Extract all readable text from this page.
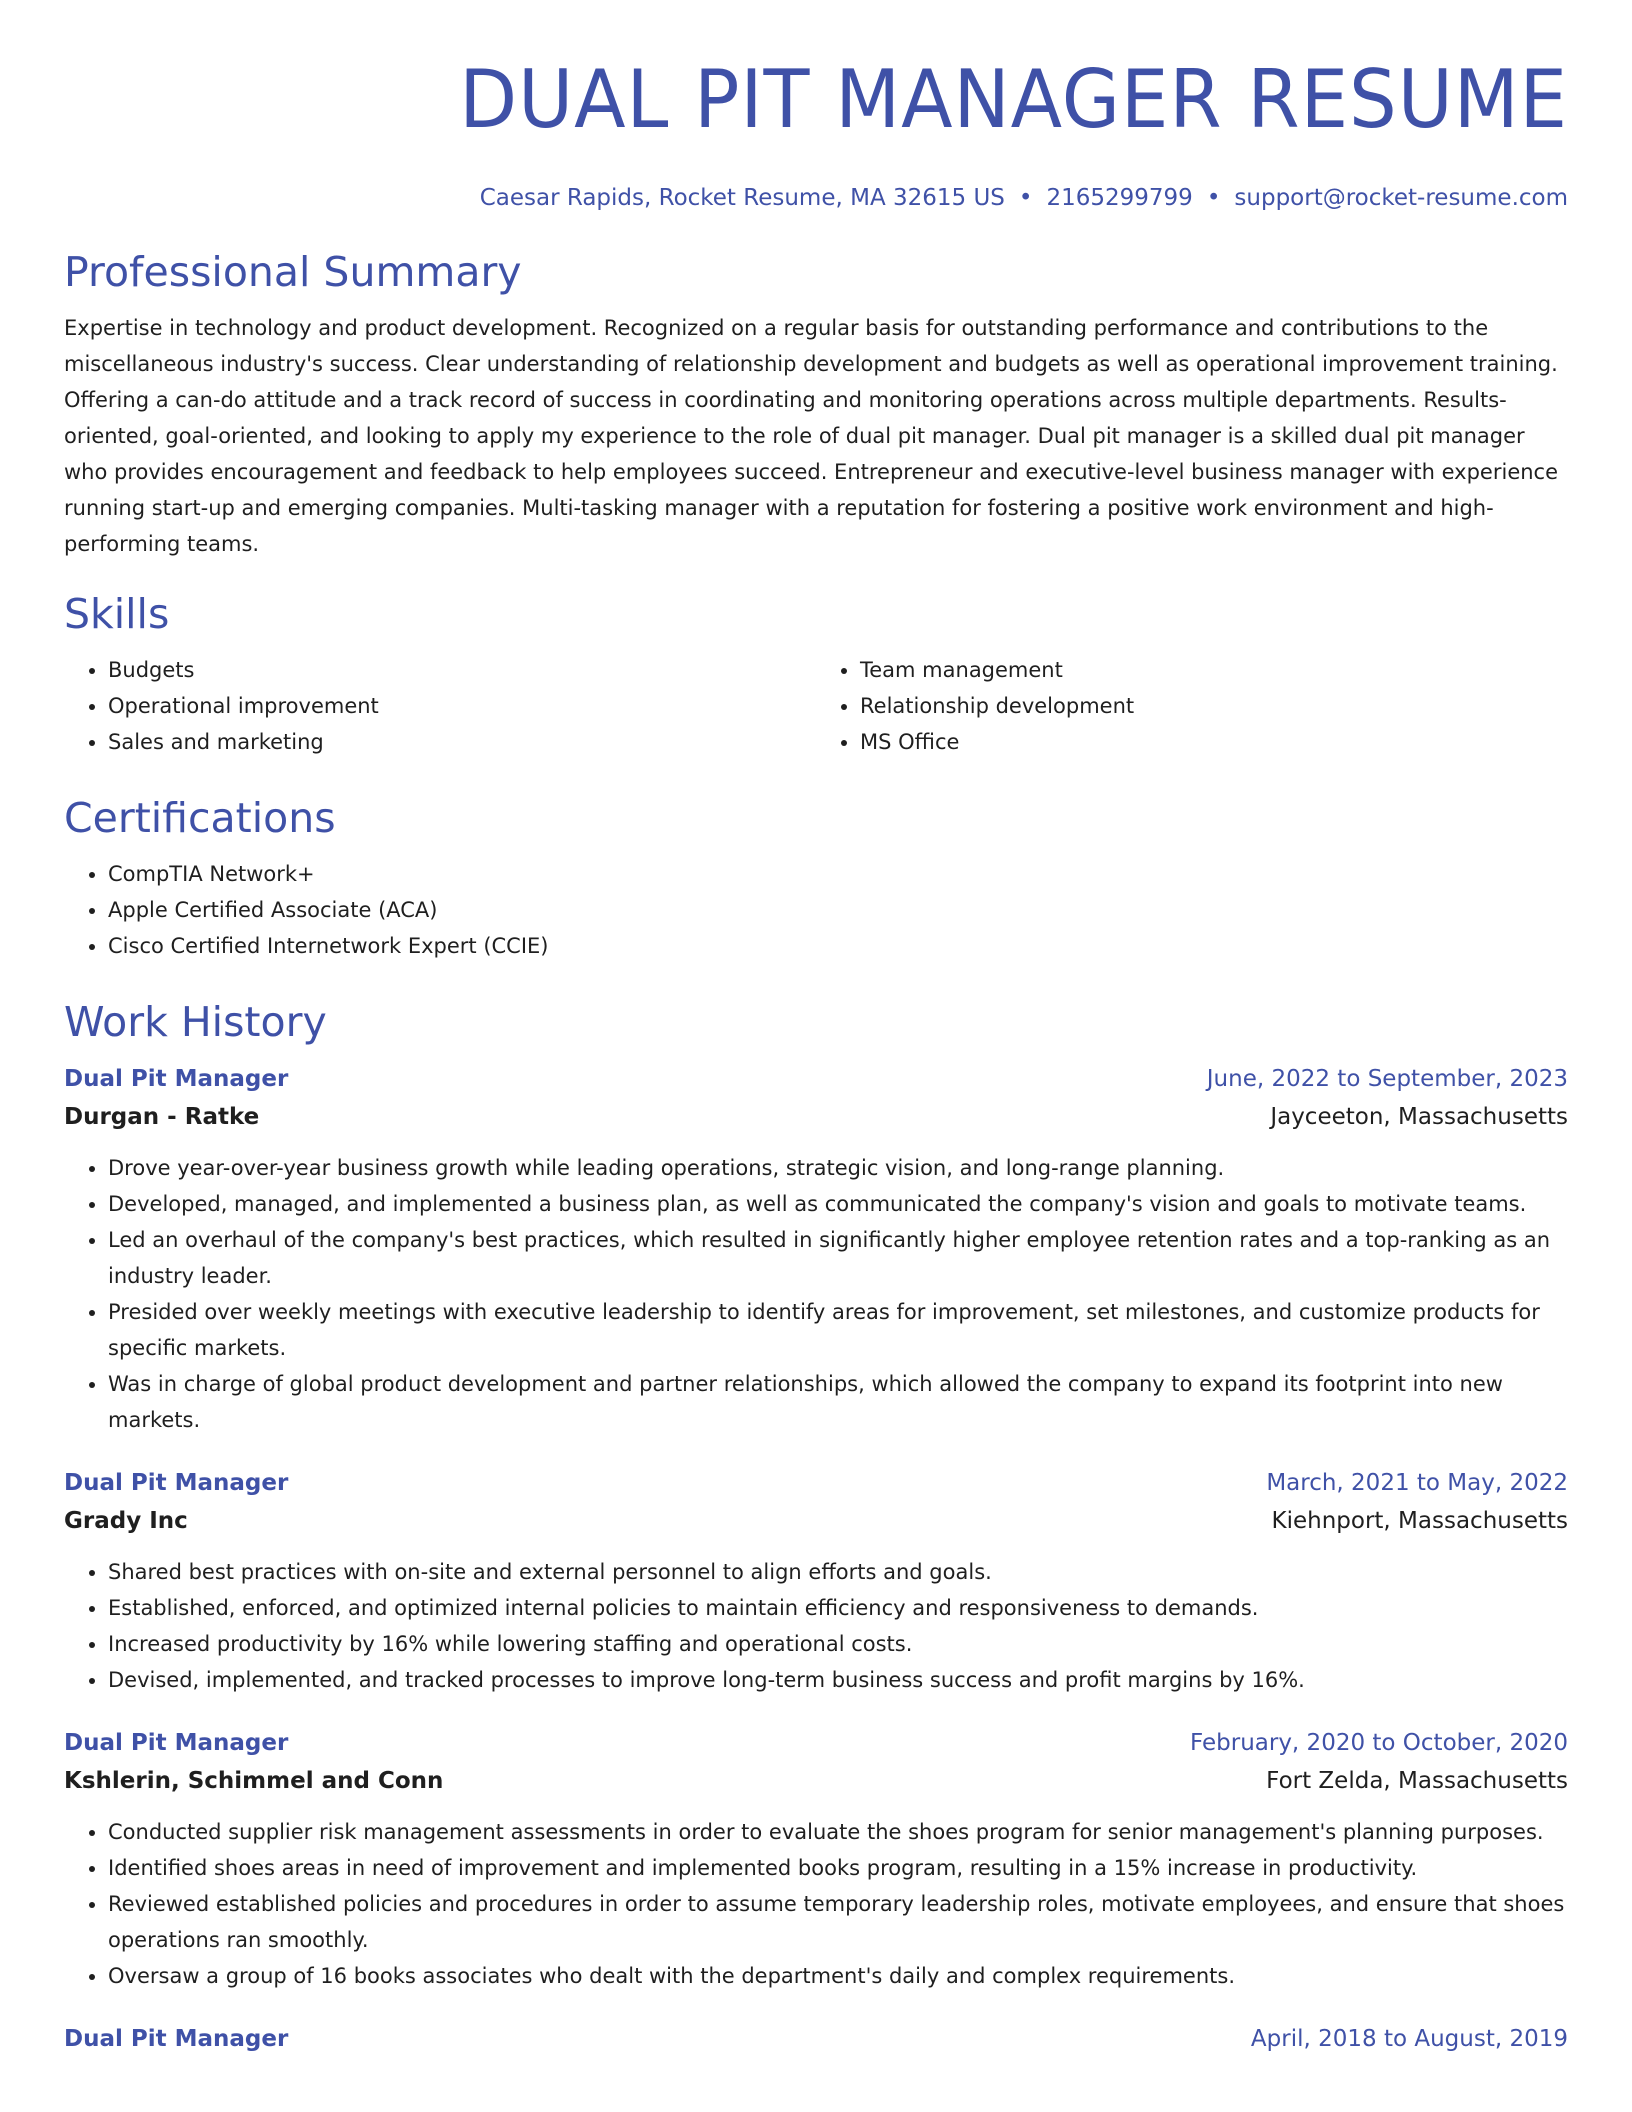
DUAL PIT MANAGER RESUME
Caesar Rapids, Rocket Resume, MA 32615 US • 2165299799 • support@rocket-resume.com
Professional Summary
Expertise in technology and product development. Recognized on a regular basis for outstanding performance and contributions to the miscellaneous industry's success. Clear understanding of relationship development and budgets as well as operational improvement training. Offering a can-do attitude and a track record of success in coordinating and monitoring operations across multiple departments. Results-oriented, goal-oriented, and looking to apply my experience to the role of dual pit manager. Dual pit manager is a skilled dual pit manager who provides encouragement and feedback to help employees succeed. Entrepreneur and executive-level business manager with experience running start-up and emerging companies. Multi-tasking manager with a reputation for fostering a positive work environment and high-performing teams.
Skills
• Budgets
• Operational improvement
• Sales and marketing
• Team management
• Relationship development
• MS Office
Certifications
• CompTIA Network+
• Apple Certified Associate (ACA)
• Cisco Certified Internetwork Expert (CCIE)
Work History
Dual Pit Manager	June, 2022 to September, 2023
Durgan - Ratke	Jayceeton, Massachusetts
• Drove year-over-year business growth while leading operations, strategic vision, and long-range planning.
• Developed, managed, and implemented a business plan, as well as communicated the company's vision and goals to motivate teams.
• Led an overhaul of the company's best practices, which resulted in significantly higher employee retention rates and a top-ranking as an industry leader.
• Presided over weekly meetings with executive leadership to identify areas for improvement, set milestones, and customize products for specific markets.
• Was in charge of global product development and partner relationships, which allowed the company to expand its footprint into new markets.
Dual Pit Manager	March, 2021 to May, 2022
Grady Inc	Kiehnport, Massachusetts
• Shared best practices with on-site and external personnel to align efforts and goals.
• Established, enforced, and optimized internal policies to maintain efficiency and responsiveness to demands.
• Increased productivity by 16% while lowering staffing and operational costs.
• Devised, implemented, and tracked processes to improve long-term business success and profit margins by 16%.
Dual Pit Manager	February, 2020 to October, 2020
Kshlerin, Schimmel and Conn	Fort Zelda, Massachusetts
• Conducted supplier risk management assessments in order to evaluate the shoes program for senior management's planning purposes.
• Identified shoes areas in need of improvement and implemented books program, resulting in a 15% increase in productivity.
• Reviewed established policies and procedures in order to assume temporary leadership roles, motivate employees, and ensure that shoes operations ran smoothly.
• Oversaw a group of 16 books associates who dealt with the department's daily and complex requirements.
Dual Pit Manager	April, 2018 to August, 2019
